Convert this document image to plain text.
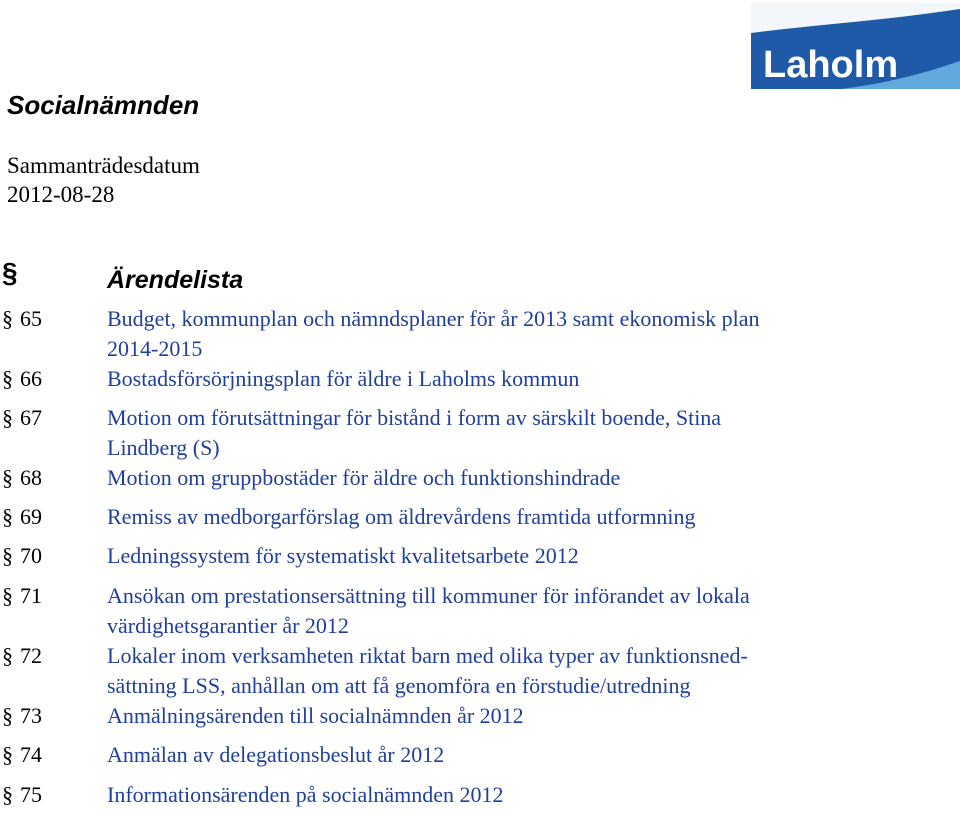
Laholm
Socialnämnden
Sammanträdesdatum
2012-08-28
§	Ärendelista
§ 65	Budget, kommunplan och nämndsplaner för år 2013 samt ekonomisk plan
2014-2015
§ 66	Bostadsförsörjningsplan för äldre i Laholms kommun
§ 67	Motion om förutsättningar för bistånd i form av särskilt boende, Stina
Lindberg (S)
§ 68	Motion om gruppbostäder för äldre och funktionshindrade
§ 69	Remiss av medborgarförslag om äldrevårdens framtida utformning
§ 70	Ledningssystem för systematiskt kvalitetsarbete 2012
§ 71	Ansökan om prestationsersättning till kommuner för införandet av lokala
värdighetsgarantier år 2012
§ 72	Lokaler inom verksamheten riktat barn med olika typer av funktionsned-
sättning LSS, anhållan om att få genomföra en förstudie/utredning
§ 73	Anmälningsärenden till socialnämnden år 2012
§ 74	Anmälan av delegationsbeslut år 2012
§ 75	Informationsärenden på socialnämnden 2012
